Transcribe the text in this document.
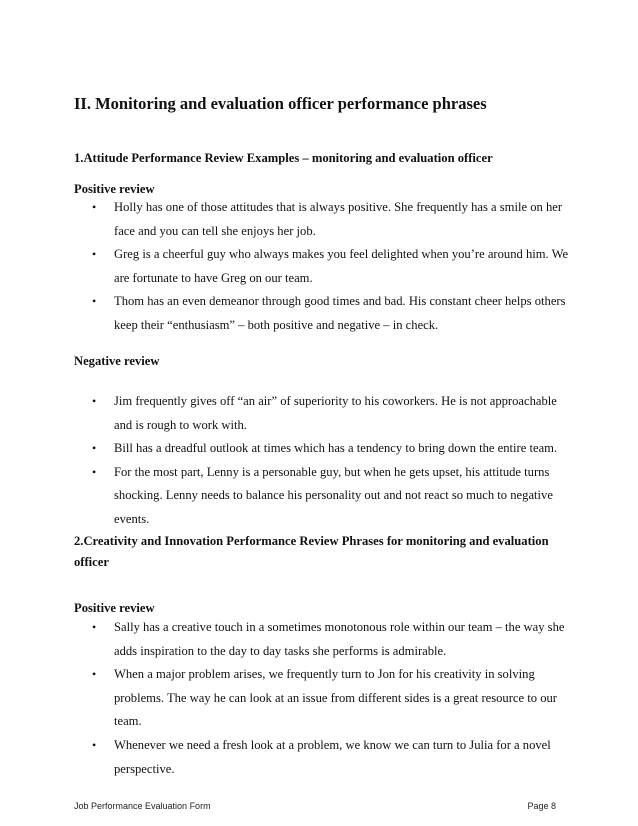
II. Monitoring and evaluation officer performance phrases
1.Attitude Performance Review Examples – monitoring and evaluation officer
Positive review
• Holly has one of those attitudes that is always positive. She frequently has a smile on her face and you can tell she enjoys her job.
• Greg is a cheerful guy who always makes you feel delighted when you’re around him. We are fortunate to have Greg on our team.
• Thom has an even demeanor through good times and bad. His constant cheer helps others keep their “enthusiasm” – both positive and negative – in check.
Negative review
• Jim frequently gives off “an air” of superiority to his coworkers. He is not approachable and is rough to work with.
• Bill has a dreadful outlook at times which has a tendency to bring down the entire team.
• For the most part, Lenny is a personable guy, but when he gets upset, his attitude turns shocking. Lenny needs to balance his personality out and not react so much to negative events.
2.Creativity and Innovation Performance Review Phrases for monitoring and evaluation
officer
Positive review
• Sally has a creative touch in a sometimes monotonous role within our team – the way she adds inspiration to the day to day tasks she performs is admirable.
• When a major problem arises, we frequently turn to Jon for his creativity in solving problems. The way he can look at an issue from different sides is a great resource to our team.
• Whenever we need a fresh look at a problem, we know we can turn to Julia for a novel perspective.
Job Performance Evaluation Form	Page 8
